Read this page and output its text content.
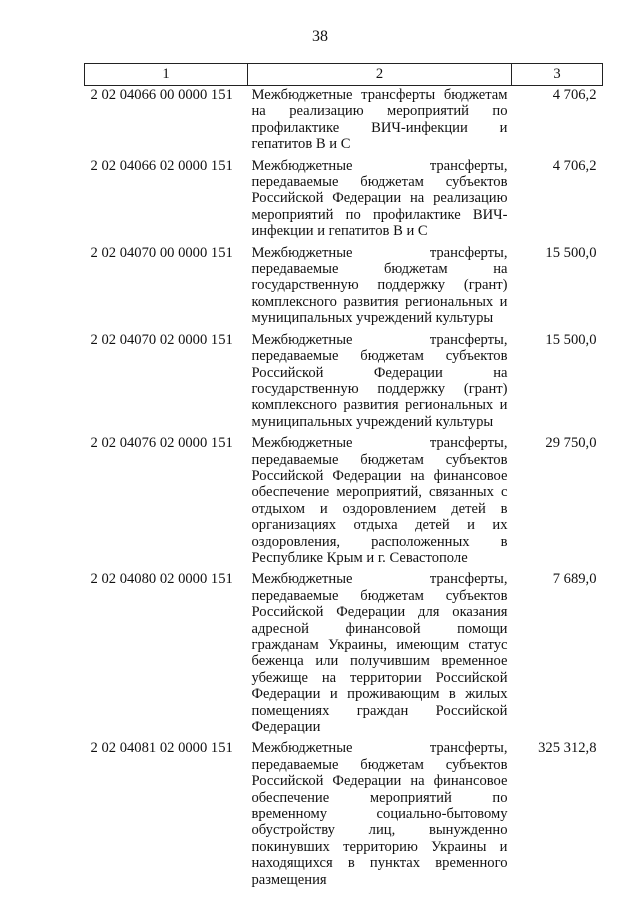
38
1	2	3
2 02 04066 00 0000 151	Межбюджетные трансферты бюджетам на реализацию мероприятий по профилактике ВИЧ-инфекции и гепатитов В и С	4 706,2
2 02 04066 02 0000 151	Межбюджетные трансферты, передаваемые бюджетам субъектов Российской Федерации на реализацию мероприятий по профилактике ВИЧ-инфекции и гепатитов В и С	4 706,2
2 02 04070 00 0000 151	Межбюджетные трансферты, передаваемые бюджетам на государственную поддержку (грант) комплексного развития региональных и муниципальных учреждений культуры	15 500,0
2 02 04070 02 0000 151	Межбюджетные трансферты, передаваемые бюджетам субъектов Российской Федерации на государственную поддержку (грант) комплексного развития региональных и муниципальных учреждений культуры	15 500,0
2 02 04076 02 0000 151	Межбюджетные трансферты, передаваемые бюджетам субъектов Российской Федерации на финансовое обеспечение мероприятий, связанных с отдыхом и оздоровлением детей в организациях отдыха детей и их оздоровления, расположенных в Республике Крым и г. Севастополе	29 750,0
2 02 04080 02 0000 151	Межбюджетные трансферты, передаваемые бюджетам субъектов Российской Федерации для оказания адресной финансовой помощи гражданам Украины, имеющим статус беженца или получившим временное убежище на территории Российской Федерации и проживающим в жилых помещениях граждан Российской Федерации	7 689,0
2 02 04081 02 0000 151	Межбюджетные трансферты, передаваемые бюджетам субъектов Российской Федерации на финансовое обеспечение мероприятий по временному социально-бытовому обустройству лиц, вынужденно покинувших территорию Украины и находящихся в пунктах временного размещения	325 312,8
